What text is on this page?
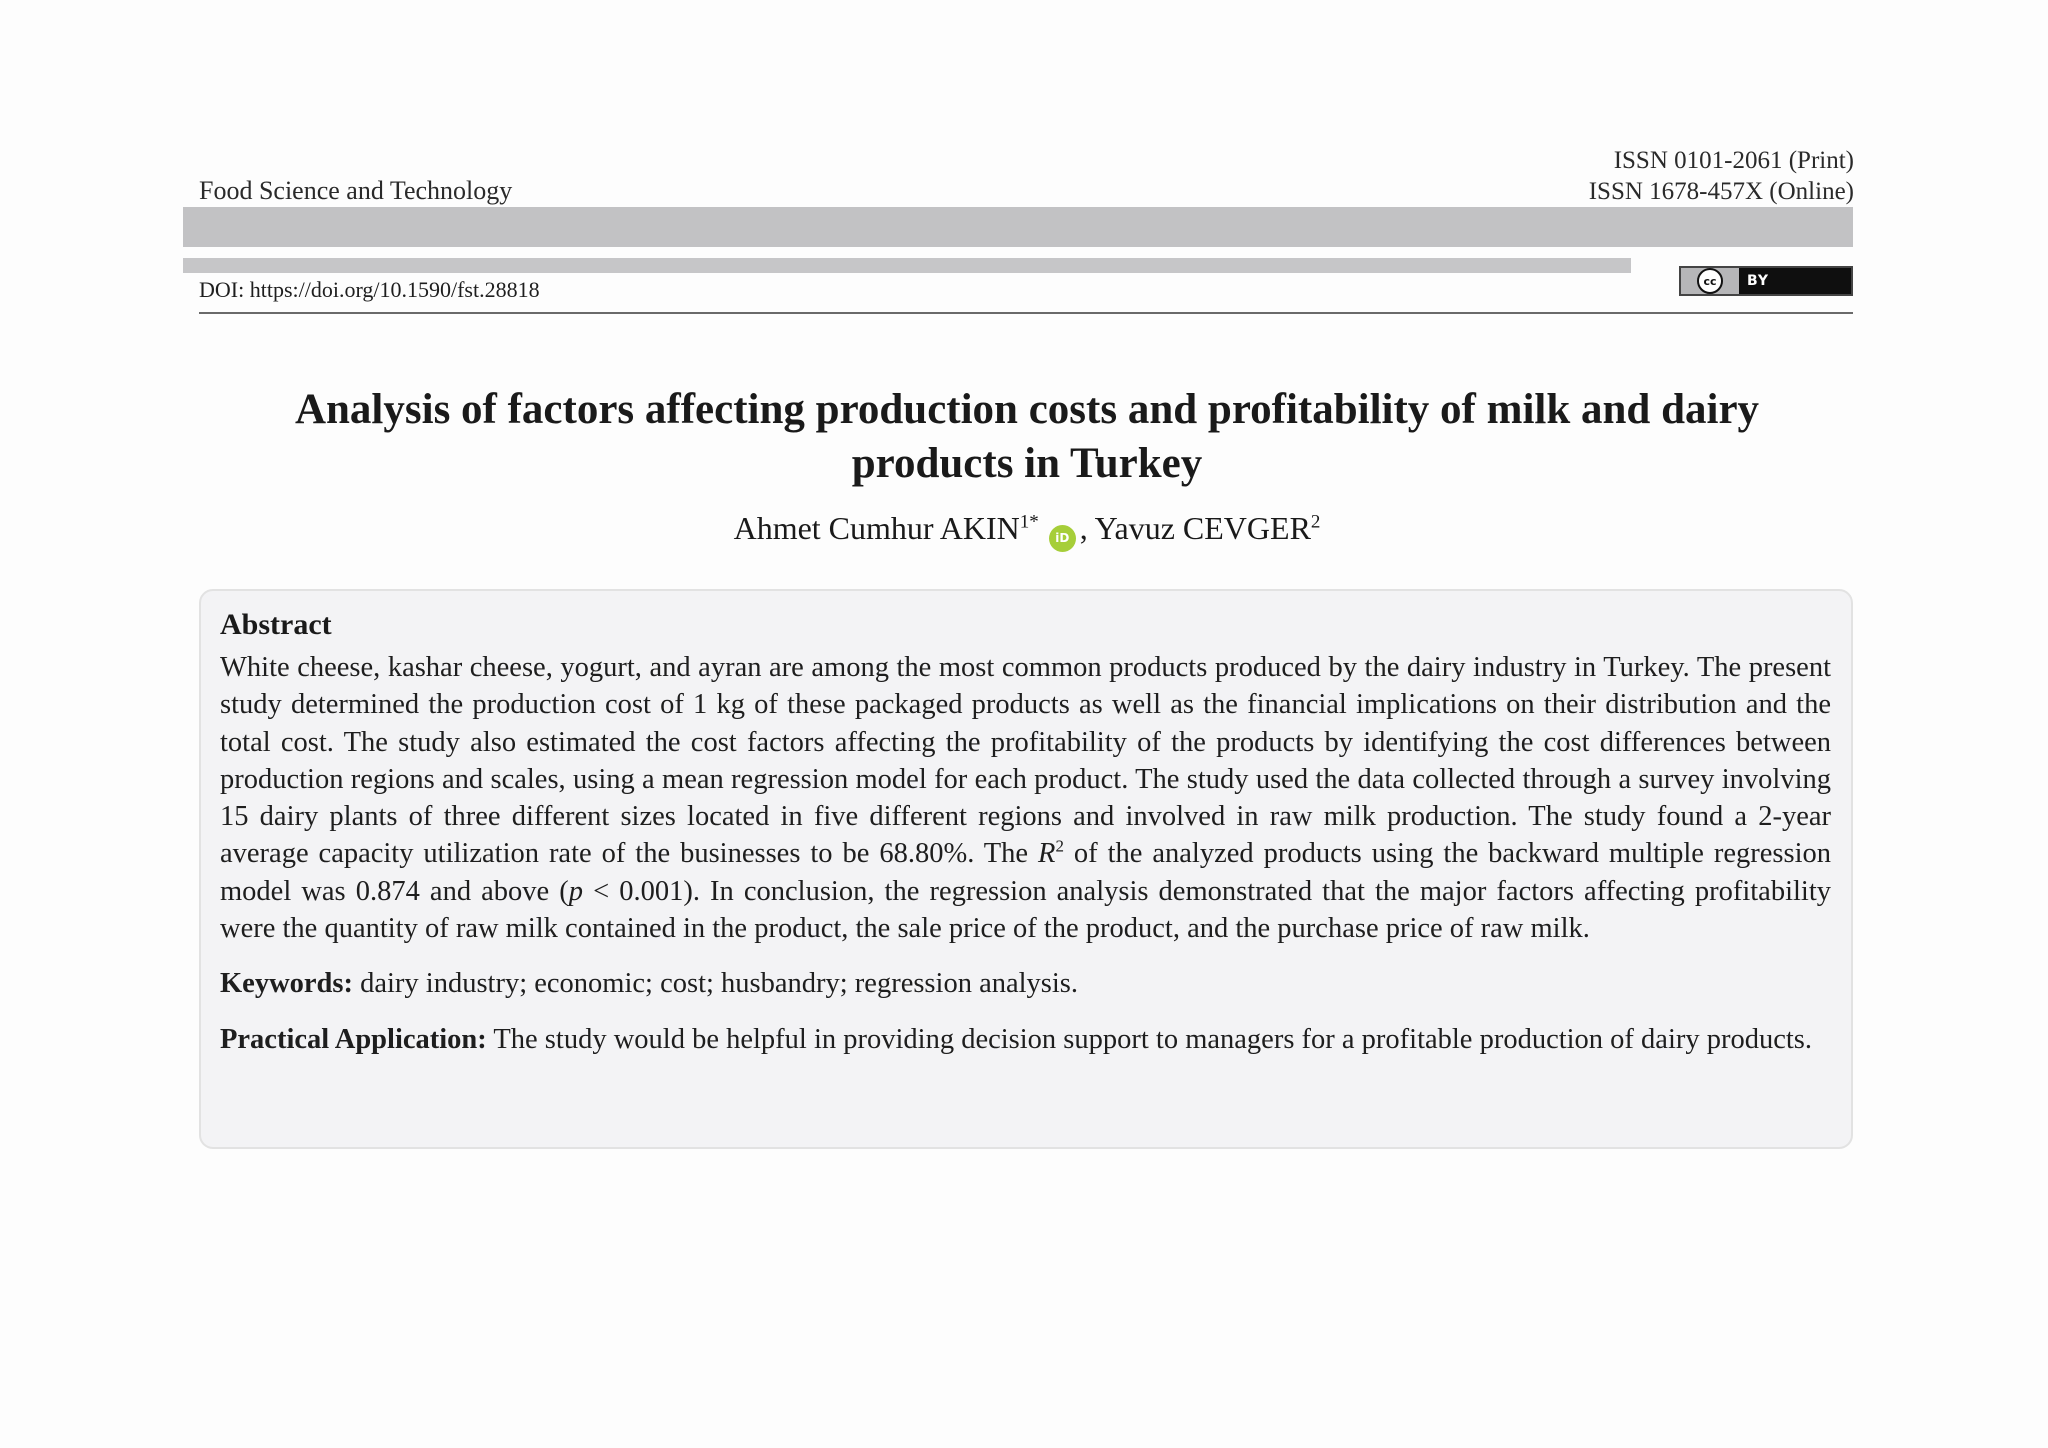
Food Science and Technology
ISSN 0101-2061 (Print)
ISSN 1678-457X (Online)
DOI: https://doi.org/10.1590/fst.28818	cc	BY
Analysis of factors affecting production costs and profitability of milk and dairy products in Turkey
Ahmet Cumhur $AKIN^{1*}iD$ , Yavuz CEVGER$^2$
Abstract

White cheese, kashar cheese, yogurt, and ayran are among the most common products produced by the dairy industry in Turkey. The present study determined the production cost of 1 kg of these packaged products as well as the financial implications on their distribution and the total cost. The study also estimated the cost factors affecting the profitability of the products by identifying the cost differences between production regions and scales, using a mean regression model for each product. The study used the data collected through a survey involving 15 dairy plants of three different sizes located in five different regions and involved in raw milk production. The study found a 2-year average capacity utilization rate of the businesses to be 68.80%. The $R^2$ of the analyzed products using the backward multiple regression model was 0.874 and above (p < 0.001). In conclusion, the regression analysis demonstrated that the major factors affecting profitability were the quantity of raw milk contained in the product, the sale price of the product, and the purchase price of raw milk.

Keywords: dairy industry; economic; cost; husbandry; regression analysis.

Practical Application: The study would be helpful in providing decision support to managers for a profitable production of dairy products.
